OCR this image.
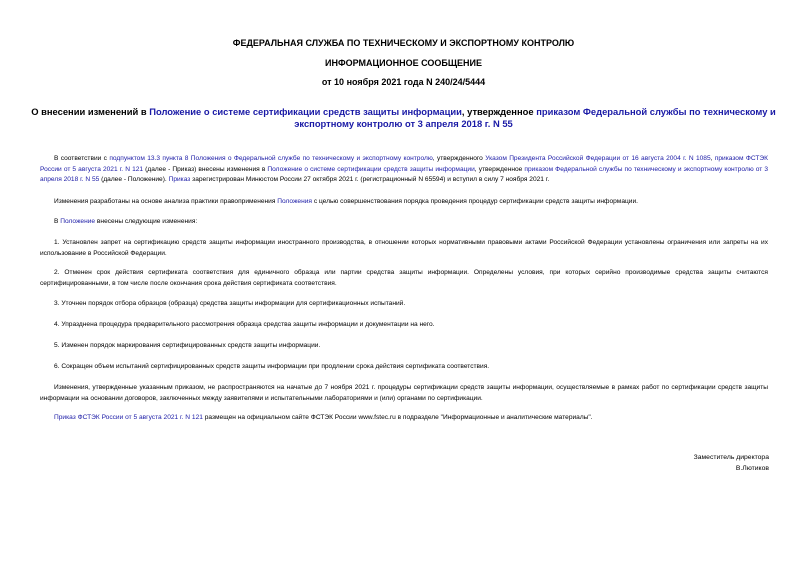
ФЕДЕРАЛЬНАЯ СЛУЖБА ПО ТЕХНИЧЕСКОМУ И ЭКСПОРТНОМУ КОНТРОЛЮ
ИНФОРМАЦИОННОЕ СООБЩЕНИЕ
от 10 ноября 2021 года N 240/24/5444
О внесении изменений в Положение о системе сертификации средств защиты информации, утвержденное приказом Федеральной службы по техническому и экспортному контролю от 3 апреля 2018 г. N 55
В соответствии с подпунктом 13.3 пункта 8 Положения о Федеральной службе по техническому и экспортному контролю, утвержденного Указом Президента Российской Федерации от 16 августа 2004 г. N 1085, приказом ФСТЭК России от 5 августа 2021 г. N 121 (далее - Приказ) внесены изменения в Положение о системе сертификации средств защиты информации, утвержденное приказом Федеральной службы по техническому и экспортному контролю от 3 апреля 2018 г. N 55 (далее - Положение). Приказ зарегистрирован Минюстом России 27 октября 2021 г. (регистрационный N 65594) и вступил в силу 7 ноября 2021 г.
Изменения разработаны на основе анализа практики правоприменения Положения с целью совершенствования порядка проведения процедур сертификации средств защиты информации.
В Положение внесены следующие изменения:
1. Установлен запрет на сертификацию средств защиты информации иностранного производства, в отношении которых нормативными правовыми актами Российской Федерации установлены ограничения или запреты на их использование в Российской Федерации.
2. Отменен срок действия сертификата соответствия для единичного образца или партии средства защиты информации. Определены условия, при которых серийно производимые средства защиты считаются сертифицированными, в том числе после окончания срока действия сертификата соответствия.
3. Уточнен порядок отбора образцов (образца) средства защиты информации для сертификационных испытаний.
4. Упразднена процедура предварительного рассмотрения образца средства защиты информации и документации на него.
5. Изменен порядок маркирования сертифицированных средств защиты информации.
6. Сокращен объем испытаний сертифицированных средств защиты информации при продлении срока действия сертификата соответствия.
Изменения, утвержденные указанным приказом, не распространяются на начатые до 7 ноября 2021 г. процедуры сертификации средств защиты информации, осуществляемые в рамках работ по сертификации средств защиты информации на основании договоров, заключенных между заявителями и испытательными лабораториями и (или) органами по сертификации.
Приказ ФСТЭК России от 5 августа 2021 г. N 121 размещен на официальном сайте ФСТЭК России www.fstec.ru в подразделе "Информационные и аналитические материалы".
Заместитель директора
В.Лютиков
